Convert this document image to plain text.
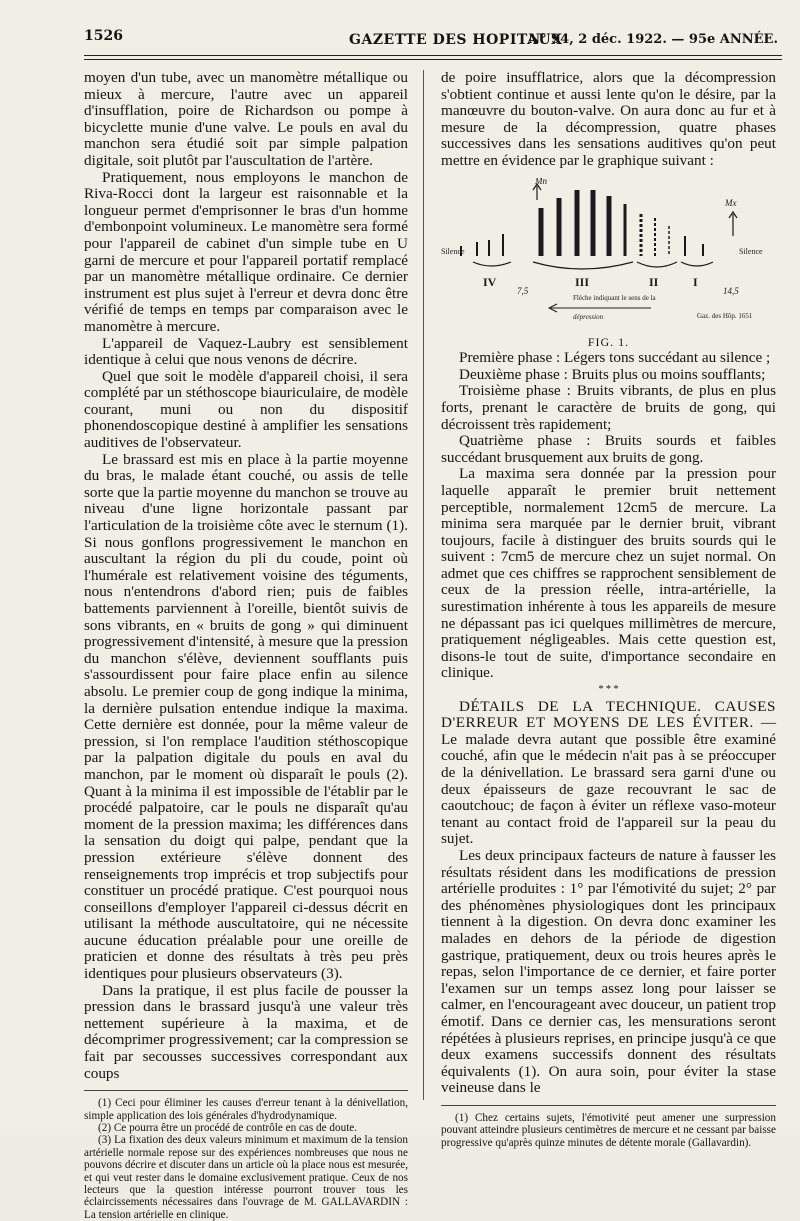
1526	GAZETTE DES HOPITAUX
N° 94, 2 déc. 1922. — 95e ANNÉE.

moyen d'un tube, avec un manomètre métallique ou mieux à mercure, l'autre avec un appareil d'insufflation, poire de Richardson ou pompe à bicyclette munie d'une valve. Le pouls en aval du manchon sera étudié soit par simple palpation digitale, soit plutôt par l'auscultation de l'artère.

Pratiquement, nous employons le manchon de Riva-Rocci dont la largeur est raisonnable et la longueur permet d'emprisonner le bras d'un homme d'embonpoint volumineux. Le manomètre sera formé pour l'appareil de cabinet d'un simple tube en U garni de mercure et pour l'appareil portatif remplacé par un manomètre métallique ordinaire. Ce dernier instrument est plus sujet à l'erreur et devra donc être vérifié de temps en temps par comparaison avec le manomètre à mercure.

L'appareil de Vaquez-Laubry est sensiblement identique à celui que nous venons de décrire.

Quel que soit le modèle d'appareil choisi, il sera complété par un stéthoscope biauriculaire, de modèle courant, muni ou non du dispositif phonendoscopique destiné à amplifier les sensations auditives de l'observateur.

Le brassard est mis en place à la partie moyenne du bras, le malade étant couché, ou assis de telle sorte que la partie moyenne du manchon se trouve au niveau d'une ligne horizontale passant par l'articulation de la troisième côte avec le sternum (1). Si nous gonflons progressivement le manchon en auscultant la région du pli du coude, point où l'humérale est relativement voisine des téguments, nous n'entendrons d'abord rien; puis de faibles battements parviennent à l'oreille, bientôt suivis de sons vibrants, en « bruits de gong » qui diminuent progressivement d'intensité, à mesure que la pression du manchon s'élève, deviennent soufflants puis s'assourdissent pour faire place enfin au silence absolu. Le premier coup de gong indique la minima, la dernière pulsation entendue indique la maxima. Cette dernière est donnée, pour la même valeur de pression, si l'on remplace l'audition stéthoscopique par la palpation digitale du pouls en aval du manchon, par le moment où disparaît le pouls (2). Quant à la minima il est impossible de l'établir par le procédé palpatoire, car le pouls ne disparaît qu'au moment de la pression maxima; les différences dans la sensation du doigt qui palpe, pendant que la pression extérieure s'élève donnent des renseignements trop imprécis et trop subjectifs pour constituer un procédé pratique. C'est pourquoi nous conseillons d'employer l'appareil ci-dessus décrit en utilisant la méthode auscultatoire, qui ne nécessite aucune éducation préalable pour une oreille de praticien et donne des résultats à très peu près identiques pour plusieurs observateurs (3).

Dans la pratique, il est plus facile de pousser la pression dans le brassard jusqu'à une valeur très nettement supérieure à la maxima, et de décomprimer progressivement; car la compression se fait par secousses successives correspondant aux coups

(1) Ceci pour éliminer les causes d'erreur tenant à la dénivellation, simple application des lois générales d'hydrodynamique.

(2) Ce pourra être un procédé de contrôle en cas de doute.

(3) La fixation des deux valeurs minimum et maximum de la tension artérielle normale repose sur des expériences nombreuses que nous ne pouvons décrire et discuter dans un article où la place nous est mesurée, et qui veut rester dans le domaine exclusivement pratique. Ceux de nos lecteurs que la question intéresse pourront trouver tous les éclaircissements nécessaires dans l'ouvrage de M. GALLAVARDIN : La tension artérielle en clinique.

de poire insufflatrice, alors que la décompression s'obtient continue et aussi lente qu'on le désire, par la manœuvre du bouton-valve. On aura donc au fur et à mesure de la décompression, quatre phases successives dans les sensations auditives qu'on peut mettre en évidence par le graphique suivant :

Mn
Mx
Silence	Silence
IV	III	II	I
7,5	14,5
Flèche indiquant le sens de la
dépression	Gaz. des Hôp. 1651

FIG. 1.

Première phase : Légers tons succédant au silence ;

Deuxième phase : Bruits plus ou moins soufflants;

Troisième phase : Bruits vibrants, de plus en plus forts, prenant le caractère de bruits de gong, qui décroissent très rapidement;

Quatrième phase : Bruits sourds et faibles succédant brusquement aux bruits de gong.

La maxima sera donnée par la pression pour laquelle apparaît le premier bruit nettement perceptible, normalement 12cm5 de mercure. La minima sera marquée par le dernier bruit, vibrant toujours, facile à distinguer des bruits sourds qui le suivent : 7cm5 de mercure chez un sujet normal. On admet que ces chiffres se rapprochent sensiblement de ceux de la pression réelle, intra-artérielle, la surestimation inhérente à tous les appareils de mesure ne dépassant pas ici quelques millimètres de mercure, pratiquement négligeables. Mais cette question est, disons-le tout de suite, d'importance secondaire en clinique.

* * *

DÉTAILS DE LA TECHNIQUE. CAUSES D'ERREUR ET MOYENS DE LES ÉVITER. — Le malade devra autant que possible être examiné couché, afin que le médecin n'ait pas à se préoccuper de la dénivellation. Le brassard sera garni d'une ou deux épaisseurs de gaze recouvrant le sac de caoutchouc; de façon à éviter un réflexe vaso-moteur tenant au contact froid de l'appareil sur la peau du sujet.

Les deux principaux facteurs de nature à fausser les résultats résident dans les modifications de pression artérielle produites : 1° par l'émotivité du sujet; 2° par des phénomènes physiologiques dont les principaux tiennent à la digestion. On devra donc examiner les malades en dehors de la période de digestion gastrique, pratiquement, deux ou trois heures après le repas, selon l'importance de ce dernier, et faire porter l'examen sur un temps assez long pour laisser se calmer, en l'encourageant avec douceur, un patient trop émotif. Dans ce dernier cas, les mensurations seront répétées à plusieurs reprises, en principe jusqu'à ce que deux examens successifs donnent des résultats équivalents (1). On aura soin, pour éviter la stase veineuse dans le

(1) Chez certains sujets, l'émotivité peut amener une surpression pouvant atteindre plusieurs centimètres de mercure et ne cessant par baisse progressive qu'après quinze minutes de détente morale (Gallavardin).
